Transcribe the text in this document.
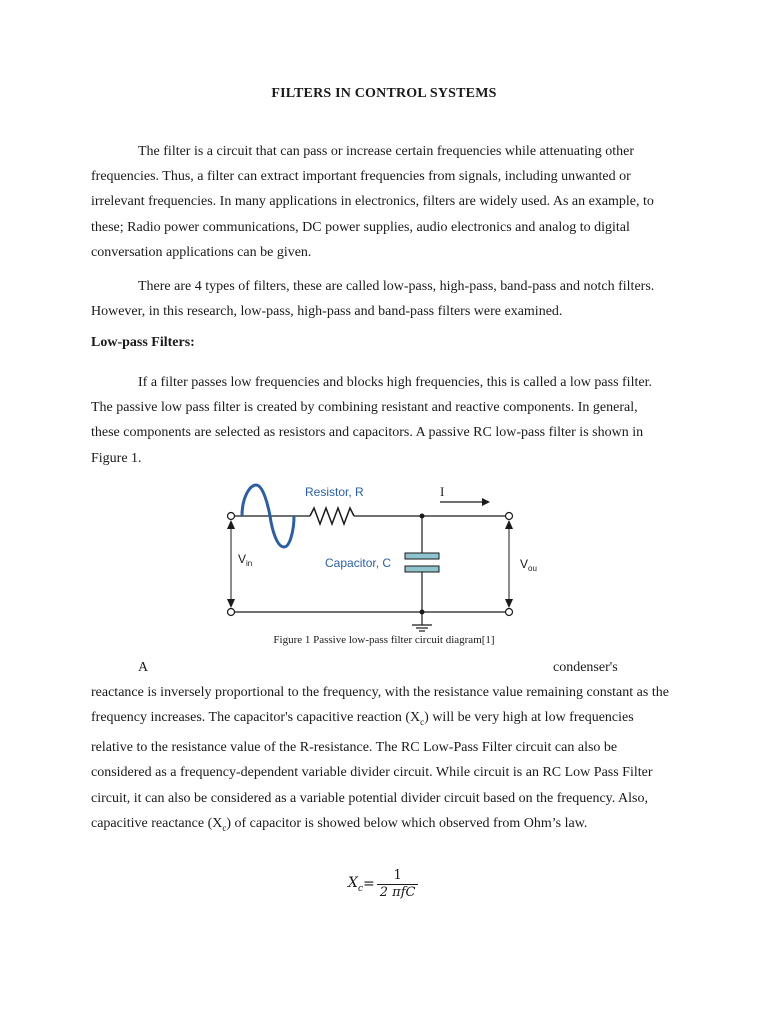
FILTERS IN CONTROL SYSTEMS

The filter is a circuit that can pass or increase certain frequencies while attenuating other frequencies. Thus, a filter can extract important frequencies from signals, including unwanted or irrelevant frequencies. In many applications in electronics, filters are widely used. As an example, to these; Radio power communications, DC power supplies, audio electronics and analog to digital conversation applications can be given.

There are 4 types of filters, these are called low-pass, high-pass, band-pass and notch filters. However, in this research, low-pass, high-pass and band-pass filters were examined.

Low-pass Filters:

If a filter passes low frequencies and blocks high frequencies, this is called a low pass filter. The passive low pass filter is created by combining resistant and reactive components. In general, these components are selected as resistors and capacitors. A passive RC low-pass filter is shown in Figure 1.

Resistor, R	I
Capacitor, C
$V_{in}$	$V_{ou}$
Figure 1 Passive low-pass filter circuit diagram[1]
A	condenser's

reactance is inversely proportional to the frequency, with the resistance value remaining constant as the frequency increases. The capacitor's capacitive reaction $(X_c)$ will be very high at low frequencies relative to the resistance value of the R-resistance. The RC Low-Pass Filter circuit can also be considered as a frequency-dependent variable divider circuit. While circuit is an RC Low Pass Filter circuit, it can also be considered as a variable potential divider circuit based on the frequency. Also, capacitive reactance $(X_c)$ of capacitor is showed below which observed from Ohm’s law.

$X_c = \frac{1}{\text{2 πfC}}$
